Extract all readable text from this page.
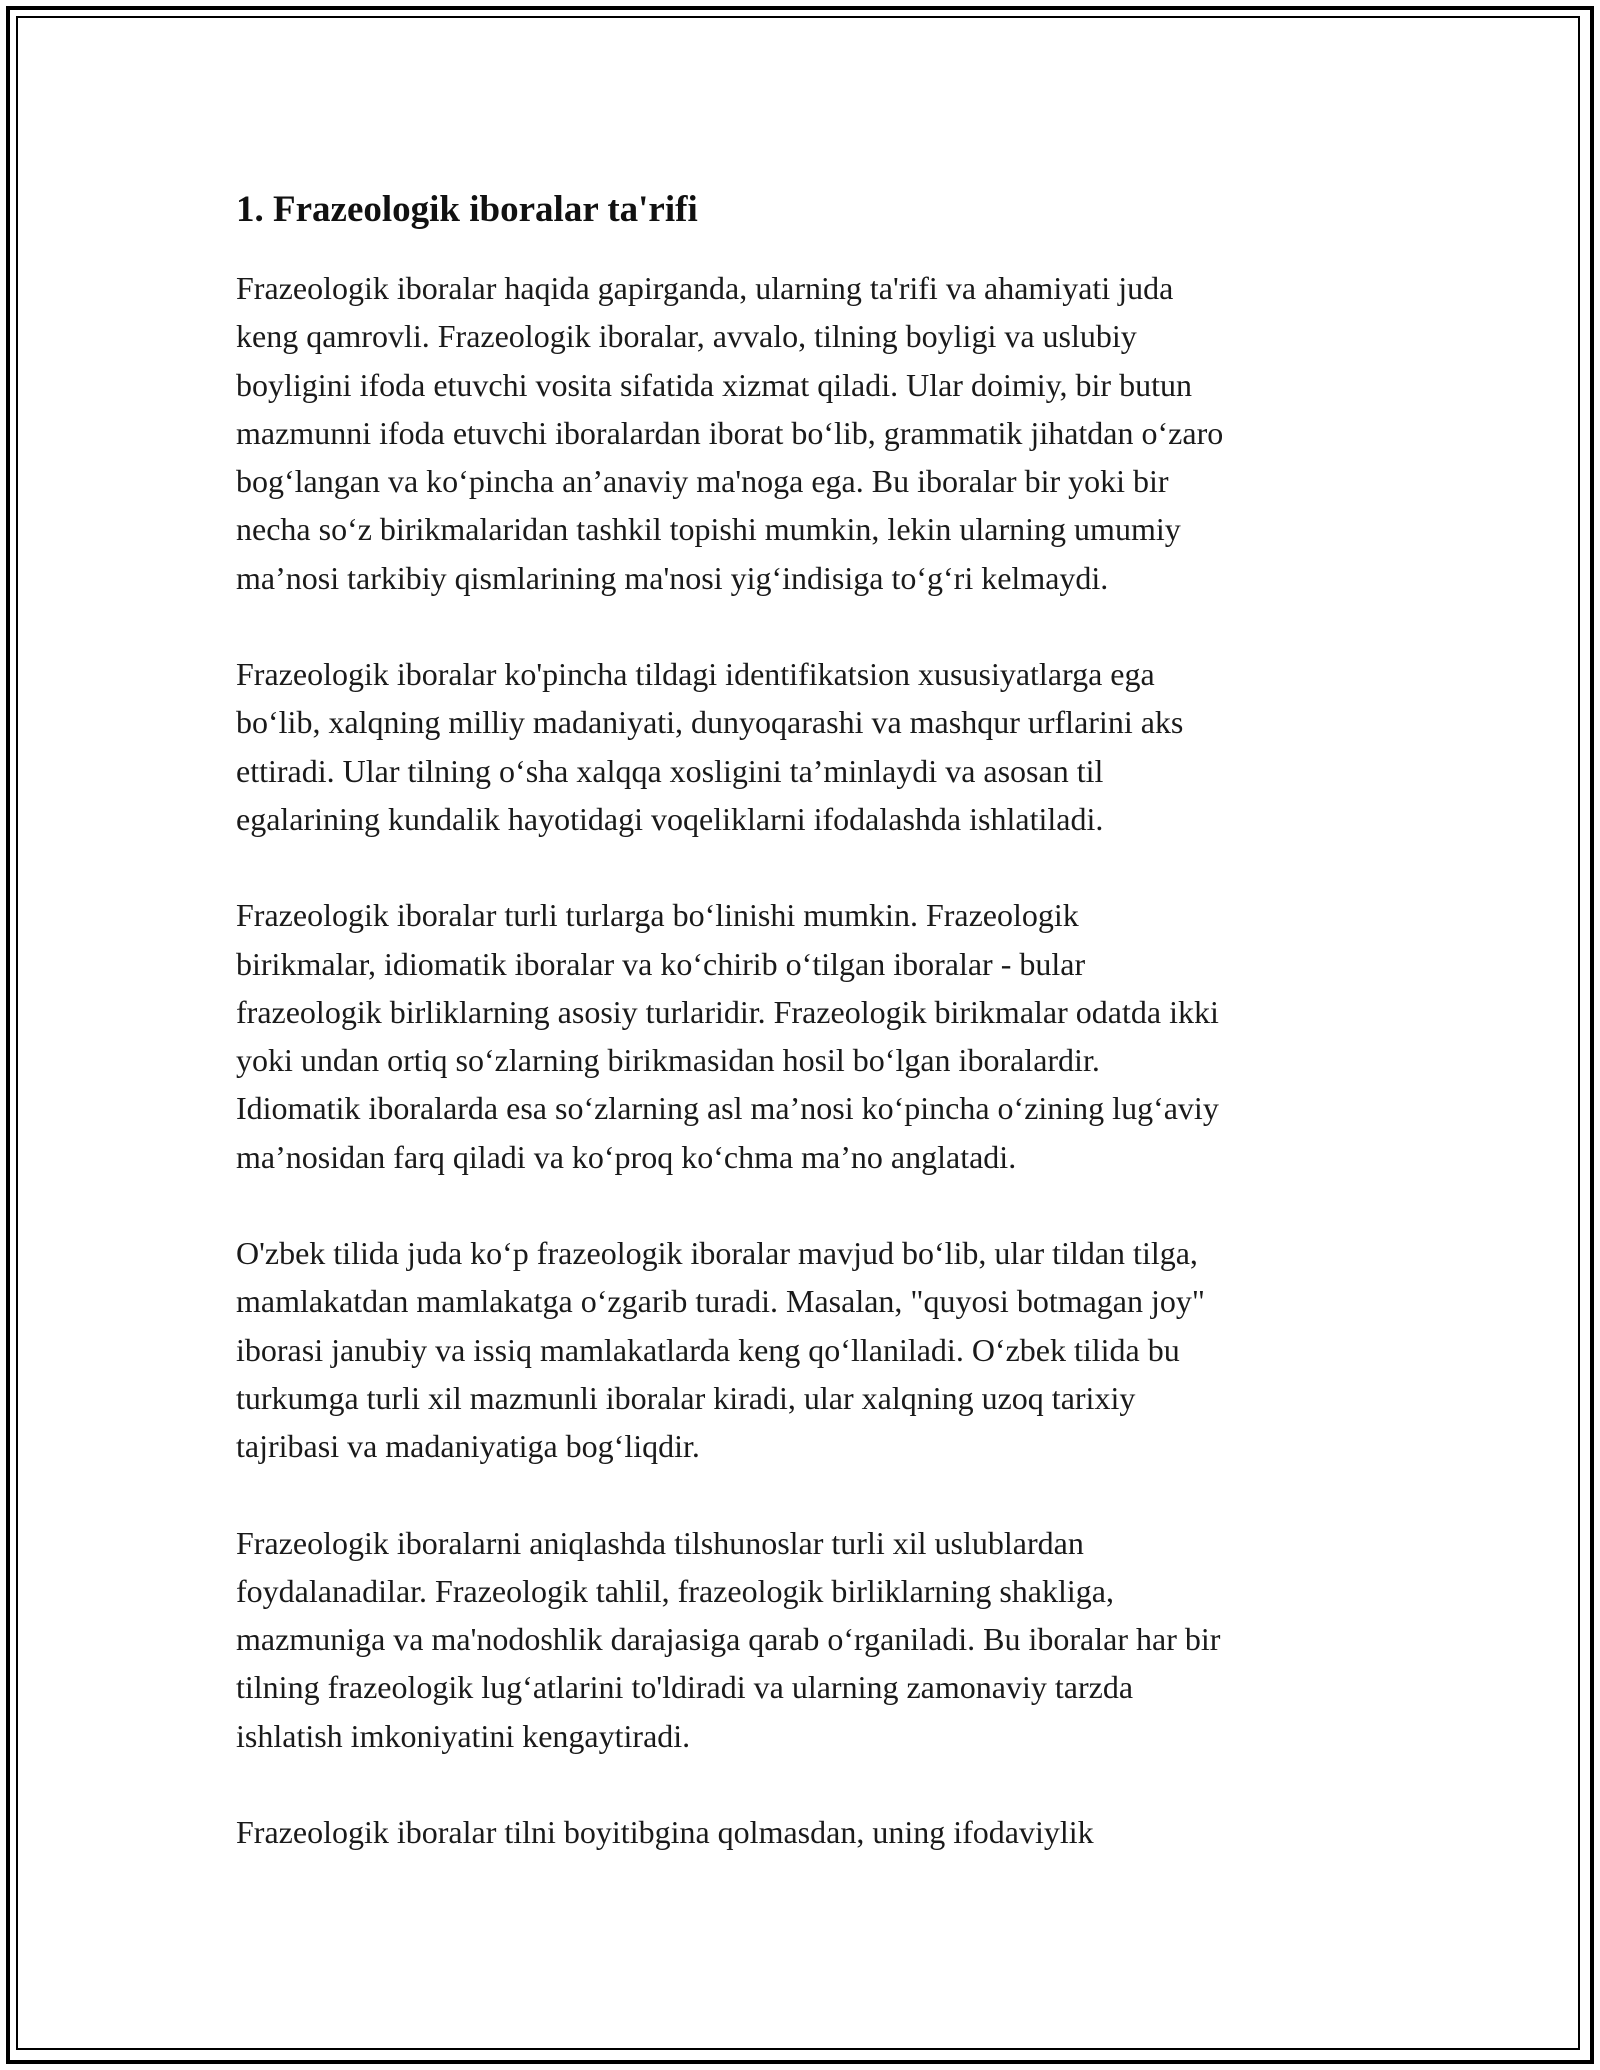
1. Frazeologik iboralar ta'rifi

Frazeologik iboralar haqida gapirganda, ularning ta'rifi va ahamiyati juda
keng qamrovli. Frazeologik iboralar, avvalo, tilning boyligi va uslubiy
boyligini ifoda etuvchi vosita sifatida xizmat qiladi. Ular doimiy, bir butun
mazmunni ifoda etuvchi iboralardan iborat bo‘lib, grammatik jihatdan o‘zaro
bog‘langan va ko‘pincha an’anaviy ma'noga ega. Bu iboralar bir yoki bir
necha so‘z birikmalaridan tashkil topishi mumkin, lekin ularning umumiy
ma’nosi tarkibiy qismlarining ma'nosi yig‘indisiga to‘g‘ri kelmaydi.

Frazeologik iboralar ko'pincha tildagi identifikatsion xususiyatlarga ega
bo‘lib, xalqning milliy madaniyati, dunyoqarashi va mashqur urflarini aks
ettiradi. Ular tilning o‘sha xalqqa xosligini ta’minlaydi va asosan til
egalarining kundalik hayotidagi voqeliklarni ifodalashda ishlatiladi.

Frazeologik iboralar turli turlarga bo‘linishi mumkin. Frazeologik
birikmalar, idiomatik iboralar va ko‘chirib o‘tilgan iboralar - bular
frazeologik birliklarning asosiy turlaridir. Frazeologik birikmalar odatda ikki
yoki undan ortiq so‘zlarning birikmasidan hosil bo‘lgan iboralardir.
Idiomatik iboralarda esa so‘zlarning asl ma’nosi ko‘pincha o‘zining lug‘aviy
ma’nosidan farq qiladi va ko‘proq ko‘chma ma’no anglatadi.

O'zbek tilida juda ko‘p frazeologik iboralar mavjud bo‘lib, ular tildan tilga,
mamlakatdan mamlakatga o‘zgarib turadi. Masalan, "quyosi botmagan joy"
iborasi janubiy va issiq mamlakatlarda keng qo‘llaniladi. O‘zbek tilida bu
turkumga turli xil mazmunli iboralar kiradi, ular xalqning uzoq tarixiy
tajribasi va madaniyatiga bog‘liqdir.

Frazeologik iboralarni aniqlashda tilshunoslar turli xil uslublardan
foydalanadilar. Frazeologik tahlil, frazeologik birliklarning shakliga,
mazmuniga va ma'nodoshlik darajasiga qarab o‘rganiladi. Bu iboralar har bir
tilning frazeologik lug‘atlarini to'ldiradi va ularning zamonaviy tarzda
ishlatish imkoniyatini kengaytiradi.

Frazeologik iboralar tilni boyitibgina qolmasdan, uning ifodaviylik
